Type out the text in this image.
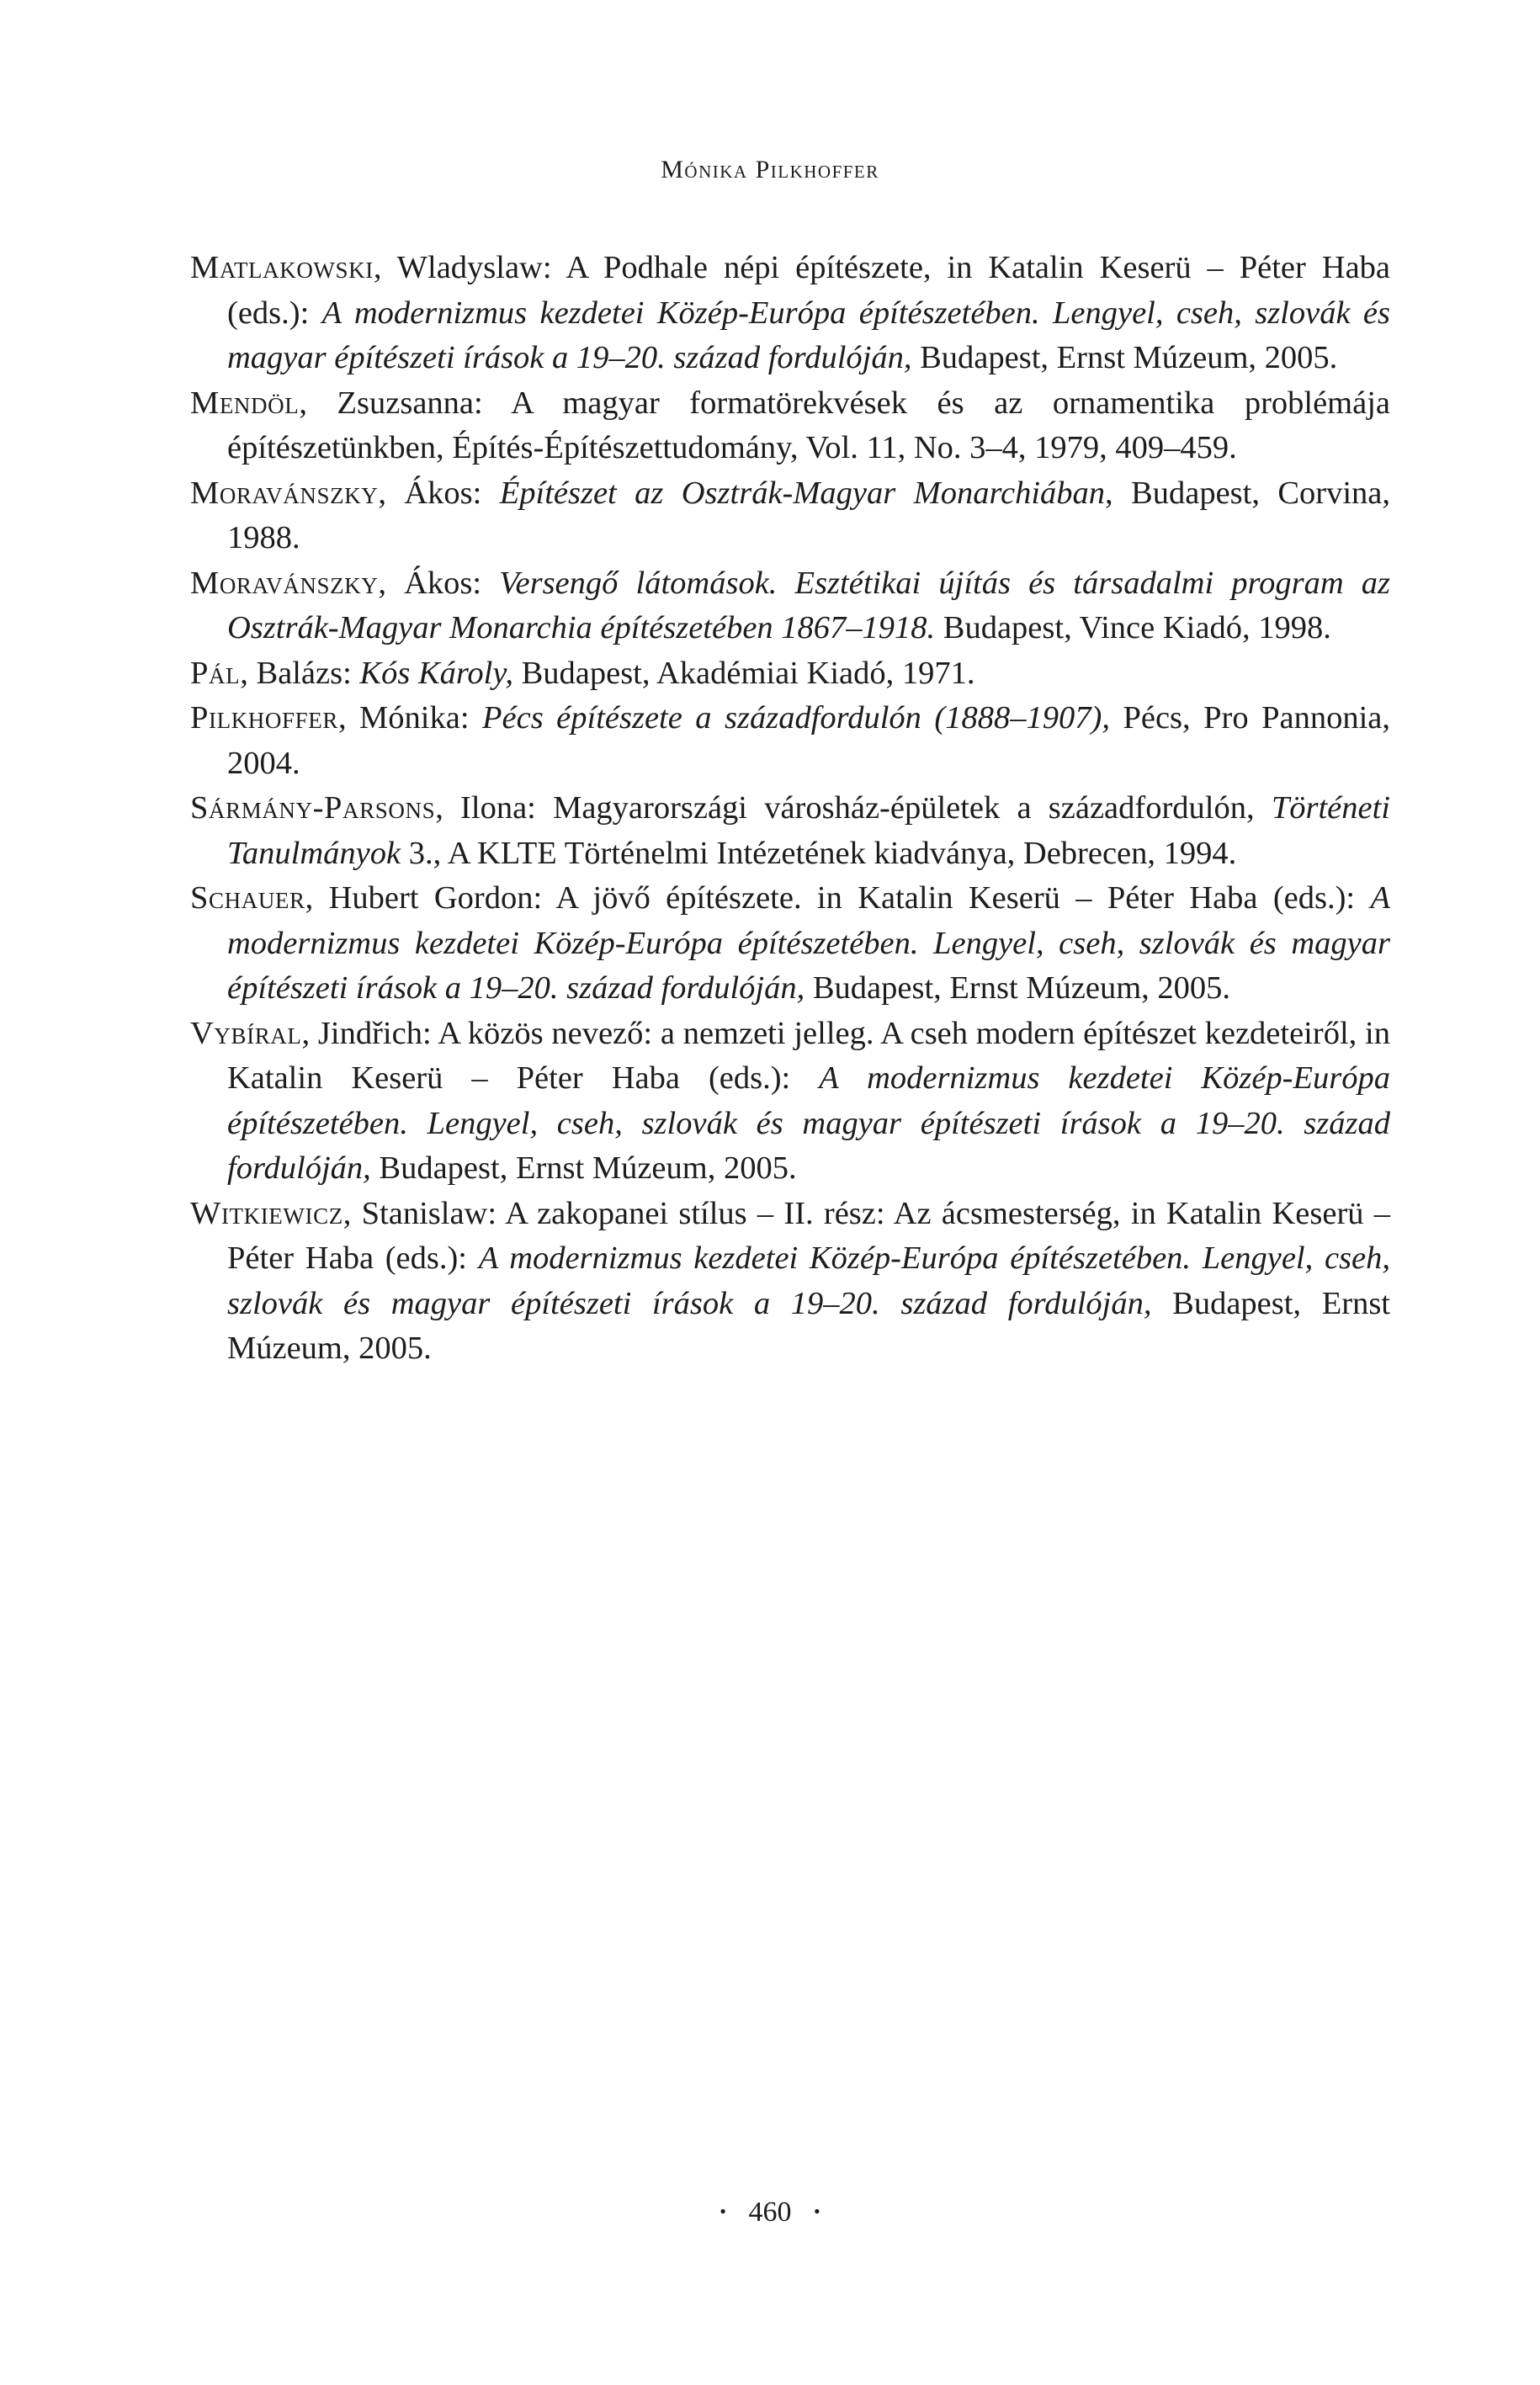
Mónika Pilkhoffer

Matlakowski, Wladyslaw: A Podhale népi építészete, in Katalin Keserü – Péter Haba (eds.): A modernizmus kezdetei Közép-Európa építészetében. Lengyel, cseh, szlovák és magyar építészeti írások a 19–20. század fordulóján, Budapest, Ernst Múzeum, 2005.

Mendöl, Zsuzsanna: A magyar formatörekvések és az ornamentika problémája építészetünkben, Építés-Építészettudomány, Vol. 11, No. 3–4, 1979, 409–459.

Moravánszky, Ákos: Építészet az Osztrák-Magyar Monarchiában, Budapest, Corvina, 1988.

Moravánszky, Ákos: Versengő látomások. Esztétikai újítás és társadalmi program az Osztrák-Magyar Monarchia építészetében 1867–1918. Budapest, Vince Kiadó, 1998.

Pál, Balázs: Kós Károly, Budapest, Akadémiai Kiadó, 1971.

Pilkhoffer, Mónika: Pécs építészete a századfordulón (1888–1907), Pécs, Pro Pannonia, 2004.

Sármány-Parsons, Ilona: Magyarországi városház-épületek a századfordulón, Történeti Tanulmányok 3., A KLTE Történelmi Intézetének kiadványa, Debrecen, 1994.

Schauer, Hubert Gordon: A jövő építészete. in Katalin Keserü – Péter Haba (eds.): A modernizmus kezdetei Közép-Európa építészetében. Lengyel, cseh, szlovák és magyar építészeti írások a 19–20. század fordulóján, Budapest, Ernst Múzeum, 2005.

Vybíral, Jindřich: A közös nevező: a nemzeti jelleg. A cseh modern építészet kezdeteiről, in Katalin Keserü – Péter Haba (eds.): A modernizmus kezdetei Közép-Európa építészetében. Lengyel, cseh, szlovák és magyar építészeti írások a 19–20. század fordulóján, Budapest, Ernst Múzeum, 2005.

Witkiewicz, Stanislaw: A zakopanei stílus – II. rész: Az ácsmesterség, in Katalin Keserü – Péter Haba (eds.): A modernizmus kezdetei Közép-Európa építészetében. Lengyel, cseh, szlovák és magyar építészeti írások a 19–20. század fordulóján, Budapest, Ernst Múzeum, 2005.

• 460 •
